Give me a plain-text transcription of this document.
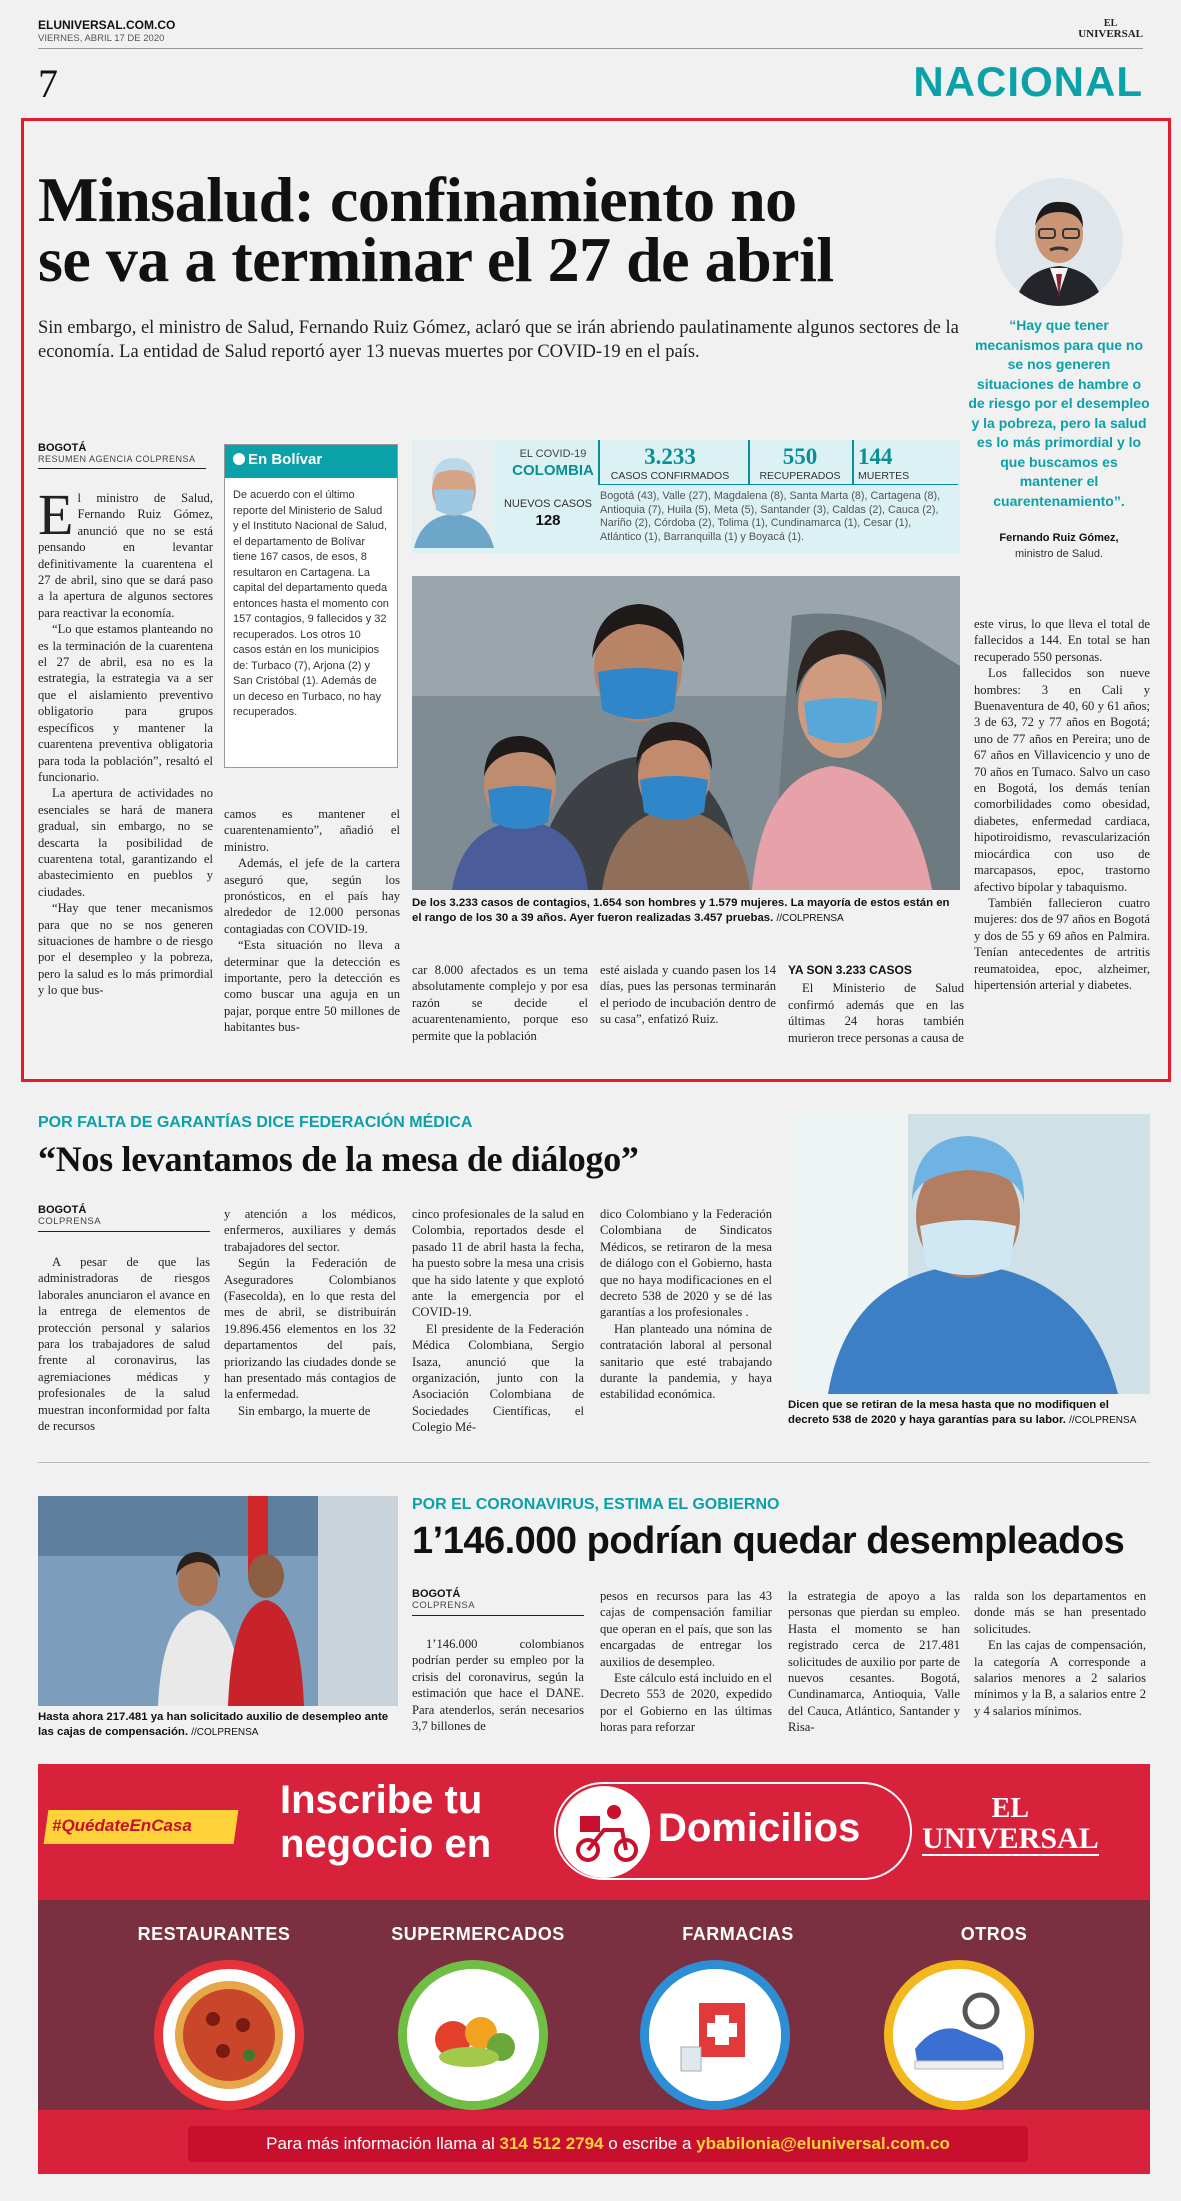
ELUNIVERSAL.COM.CO
VIERNES, ABRIL 17 DE 2020
EL
UNIVERSAL
7	NACIONAL
Minsalud: confinamiento no
se va a terminar el 27 de abril
Sin embargo, el ministro de Salud, Fernando Ruiz Gómez, aclaró que se irán abriendo paulatinamente algunos sectores de la economía. La entidad de Salud reportó ayer 13 nuevas muertes por COVID-19 en el país.
“Hay que tener mecanismos para que no se nos generen situaciones de hambre o de riesgo por el desempleo y la pobreza, pero la salud es lo más primordial y lo que buscamos es mantener el cuarentenamiento”.
Fernando Ruiz Gómez,
ministro de Salud.
BOGOTÁ
RESUMEN AGENCIA COLPRENSA

El ministro de Salud, Fernando Ruiz Gómez, anunció que no se está pensando en levantar definitivamente la cuarentena el 27 de abril, sino que se dará paso a la apertura de algunos sectores para reactivar la economía.

“Lo que estamos planteando no es la terminación de la cuarentena el 27 de abril, esa no es la estrategia, la estrategia va a ser que el aislamiento preventivo obligatorio para grupos específicos y mantener la cuarentena preventiva obligatoria para toda la población”, resaltó el funcionario.

La apertura de actividades no esenciales se hará de manera gradual, sin embargo, no se descarta la posibilidad de cuarentena total, garantizando el abastecimiento en pueblos y ciudades.

“Hay que tener mecanismos para que no se nos generen situaciones de hambre o de riesgo por el desempleo y la pobreza, pero la salud es lo más primordial y lo que bus-

En Bolívar
De acuerdo con el último reporte del Ministerio de Salud y el Instituto Nacional de Salud, el departamento de Bolívar tiene 167 casos, de esos, 8 resultaron en Cartagena. La capital del departamento queda entonces hasta el momento con 157 contagios, 9 fallecidos y 32 recuperados. Los otros 10 casos están en los municipios de: Turbaco (7), Arjona (2) y San Cristóbal (1). Además de un deceso en Turbaco, no hay recuperados.

camos es mantener el cuarentenamiento”, añadió el ministro.

Además, el jefe de la cartera aseguró que, según los pronósticos, en el país hay alrededor de 12.000 personas contagiadas con COVID-19.

“Esta situación no lleva a determinar que la detección es importante, pero la detección es como buscar una aguja en un pajar, porque entre 50 millones de habitantes bus-

EL COVID-19
COLOMBIA
3.233
CASOS CONFIRMADOS
550
RECUPERADOS
144
MUERTES
NUEVOS CASOS
128
Bogotá (43), Valle (27), Magdalena (8), Santa Marta (8), Cartagena (8), Antioquia (7), Huila (5), Meta (5), Santander (3), Caldas (2), Cauca (2), Nariño (2), Córdoba (2), Tolima (1), Cundinamarca (1), Cesar (1), Atlántico (1), Barranquilla (1) y Boyacá (1).
De los 3.233 casos de contagios, 1.654 son hombres y 1.579 mujeres. La mayoría de estos están en el rango de los 30 a 39 años. Ayer fueron realizadas 3.457 pruebas. //COLPRENSA

car 8.000 afectados es un tema absolutamente complejo y por esa razón se decide el acuarentenamiento, porque eso permite que la población

esté aislada y cuando pasen los 14 días, pues las personas terminarán el periodo de incubación dentro de su casa”, enfatizó Ruiz.

YA SON 3.233 CASOS

El Ministerio de Salud confirmó además que en las últimas 24 horas también murieron trece personas a causa de

este virus, lo que lleva el total de fallecidos a 144. En total se han recuperado 550 personas.

Los fallecidos son nueve hombres: 3 en Cali y Buenaventura de 40, 60 y 61 años; 3 de 63, 72 y 77 años en Bogotá; uno de 77 años en Pereira; uno de 67 años en Villavicencio y uno de 70 años en Tumaco. Salvo un caso en Bogotá, los demás tenían comorbilidades como obesidad, diabetes, enfermedad cardiaca, hipotiroidismo, revascularización miocárdica con uso de marcapasos, epoc, trastorno afectivo bipolar y tabaquismo.

También fallecieron cuatro mujeres: dos de 97 años en Bogotá y dos de 55 y 69 años en Palmira. Tenían antecedentes de artritis reumatoidea, epoc, alzheimer, hipertensión arterial y diabetes.

POR FALTA DE GARANTÍAS DICE FEDERACIÓN MÉDICA
“Nos levantamos de la mesa de diálogo”
BOGOTÁ
COLPRENSA

A pesar de que las administradoras de riesgos laborales anunciaron el avance en la entrega de elementos de protección personal y salarios para los trabajadores de salud frente al coronavirus, las agremiaciones médicas y profesionales de la salud muestran inconformidad por falta de recursos

y atención a los médicos, enfermeros, auxiliares y demás trabajadores del sector.

Según la Federación de Aseguradores Colombianos (Fasecolda), en lo que resta del mes de abril, se distribuirán 19.896.456 elementos en los 32 departamentos del país, priorizando las ciudades donde se han presentado más contagios de la enfermedad.

Sin embargo, la muerte de

cinco profesionales de la salud en Colombia, reportados desde el pasado 11 de abril hasta la fecha, ha puesto sobre la mesa una crisis que ha sido latente y que explotó ante la emergencia por el COVID-19.

El presidente de la Federación Médica Colombiana, Sergio Isaza, anunció que la organización, junto con la Asociación Colombiana de Sociedades Científicas, el Colegio Mé-

dico Colombiano y la Federación Colombiana de Sindicatos Médicos, se retiraron de la mesa de diálogo con el Gobierno, hasta que no haya modificaciones en el decreto 538 de 2020 y se dé las garantías a los profesionales .

Han planteado una nómina de contratación laboral al personal sanitario que esté trabajando durante la pandemia, y haya estabilidad económica.

Dicen que se retiran de la mesa hasta que no modifiquen el decreto 538 de 2020 y haya garantías para su labor. //COLPRENSA
Hasta ahora 217.481 ya han solicitado auxilio de desempleo ante las cajas de compensación. //COLPRENSA
POR EL CORONAVIRUS, ESTIMA EL GOBIERNO
1’146.000 podrían quedar desempleados
BOGOTÁ
COLPRENSA

1’146.000 colombianos podrían perder su empleo por la crisis del coronavirus, según la estimación que hace el DANE. Para atenderlos, serán necesarios 3,7 billones de

pesos en recursos para las 43 cajas de compensación familiar que operan en el país, que son las encargadas de entregar los auxilios de desempleo.

Este cálculo está incluido en el Decreto 553 de 2020, expedido por el Gobierno en las últimas horas para reforzar

la estrategia de apoyo a las personas que pierdan su empleo. Hasta el momento se han registrado cerca de 217.481 solicitudes de auxilio por parte de nuevos cesantes. Bogotá, Cundinamarca, Antioquia, Valle del Cauca, Atlántico, Santander y Risa-

ralda son los departamentos en donde más se han presentado solicitudes.

En las cajas de compensación, la categoría A corresponde a salarios menores a 2 salarios mínimos y la B, a salarios entre 2 y 4 salarios mínimos.

#QuédateEnCasa
Inscribe tu
negocio en	Domicilios	EL
UNIVERSAL
RESTAURANTES	SUPERMERCADOS	FARMACIAS	OTROS
Para más información llama al 314 512 2794 o escribe a ybabilonia@eluniversal.com.co
